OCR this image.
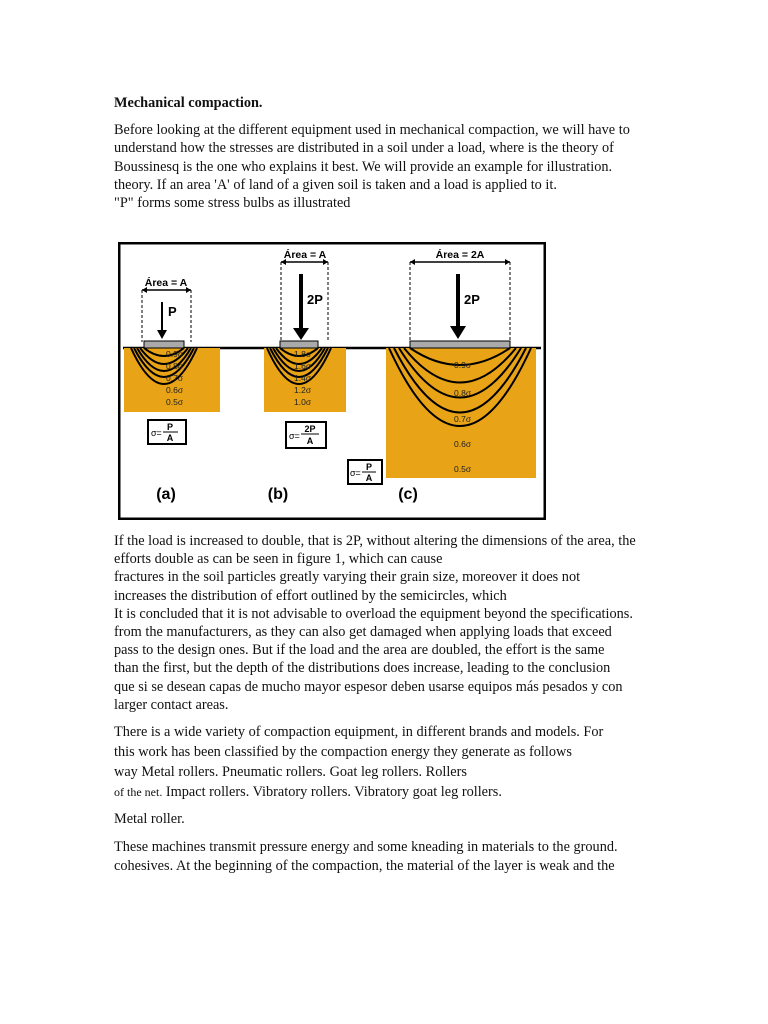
Mechanical compaction.

Before looking at the different equipment used in mechanical compaction, we will have to
understand how the stresses are distributed in a soil under a load, where is the theory of
Boussinesq is the one who explains it best. We will provide an example for illustration.
theory. If an area 'A' of land of a given soil is taken and a load is applied to it.
"P" forms some stress bulbs as illustrated

Área = A
P
0.9σ
0.8σ
0.7σ
0.6σ
0.5σ
σ=
P
A
(a)
Área = A
2P
1.8σ
1.6σ
1.4σ
1.2σ
1.0σ
σ=
2P
A
(b)
Área = 2A
2P
0.9σ
0.8σ
0.7σ
0.6σ
0.5σ
σ=
P
A
(c)
If the load is increased to double, that is 2P, without altering the dimensions of the area, the
efforts double as can be seen in figure 1, which can cause
fractures in the soil particles greatly varying their grain size, moreover it does not
increases the distribution of effort outlined by the semicircles, which
It is concluded that it is not advisable to overload the equipment beyond the specifications.
from the manufacturers, as they can also get damaged when applying loads that exceed
pass to the design ones. But if the load and the area are doubled, the effort is the same
than the first, but the depth of the distributions does increase, leading to the conclusion
que si se desean capas de mucho mayor espesor deben usarse equipos más pesados y con
larger contact areas.
There is a wide variety of compaction equipment, in different brands and models. For
this work has been classified by the compaction energy they generate as follows
way Metal rollers. Pneumatic rollers. Goat leg rollers. Rollers
of the net. Impact rollers. Vibratory rollers. Vibratory goat leg rollers.
Metal roller.
These machines transmit pressure energy and some kneading in materials to the ground.
cohesives. At the beginning of the compaction, the material of the layer is weak and the
